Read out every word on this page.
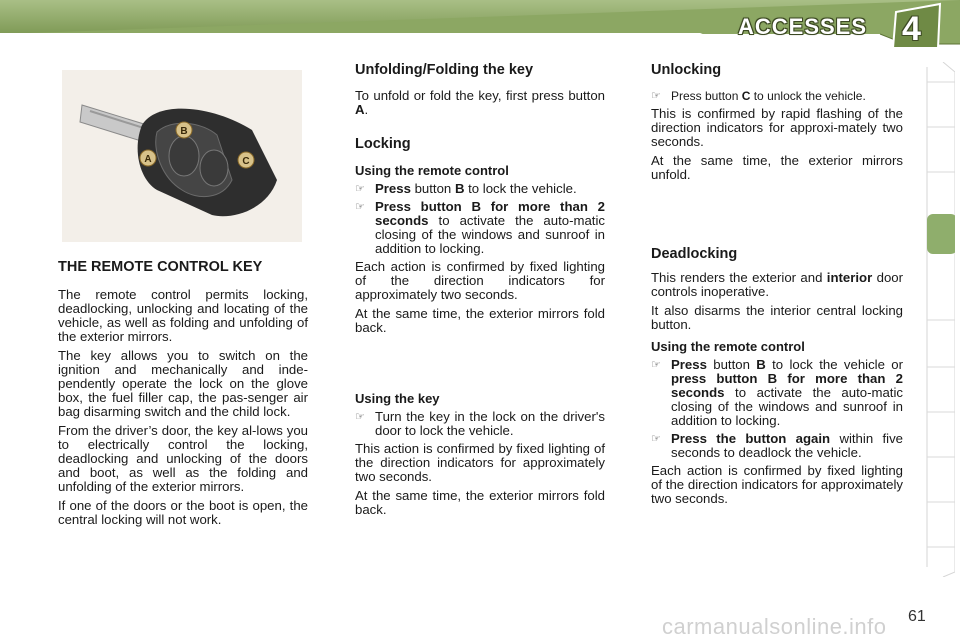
ACCESSES 4
B
A	C
THE REMOTE CONTROL KEY

The remote control permits locking, deadlocking, unlocking and locating of the vehicle, as well as folding and unfolding of the exterior mirrors.

The key allows you to switch on the ignition and mechanically and inde-pendently operate the lock on the glove box, the fuel filler cap, the pas-senger air bag disarming switch and the child lock.

From the driver’s door, the key al-lows you to electrically control the locking, deadlocking and unlocking of the doors and boot, as well as the folding and unfolding of the exterior mirrors.

If one of the doors or the boot is open, the central locking will not work.

Unfolding/Folding the key

To unfold or fold the key, first press button A.

Locking
Using the remote control
☞ Press button B to lock the vehicle.
☞ Press button B for more than 2 seconds to activate the auto-matic closing of the windows and sunroof in addition to locking.

Each action is confirmed by fixed lighting of the direction indicators for approximately two seconds.

At the same time, the exterior mirrors fold back.

Using the key
☞ Turn the key in the lock on the driver's door to lock the vehicle.

This action is confirmed by fixed lighting of the direction indicators for approximately two seconds.

At the same time, the exterior mirrors fold back.

Unlocking
☞ Press button C to unlock the vehicle.

This is confirmed by rapid flashing of the direction indicators for approxi-mately two seconds.

At the same time, the exterior mirrors unfold.

Deadlocking

This renders the exterior and interior door controls inoperative.

It also disarms the interior central locking button.

Using the remote control
☞ Press button B to lock the vehicle or press button B for more than 2 seconds to activate the auto-matic closing of the windows and sunroof in addition to locking.
☞ Press the button again within five seconds to deadlock the vehicle.

Each action is confirmed by fixed lighting of the direction indicators for approximately two seconds.

61
carmanualsonline.info
